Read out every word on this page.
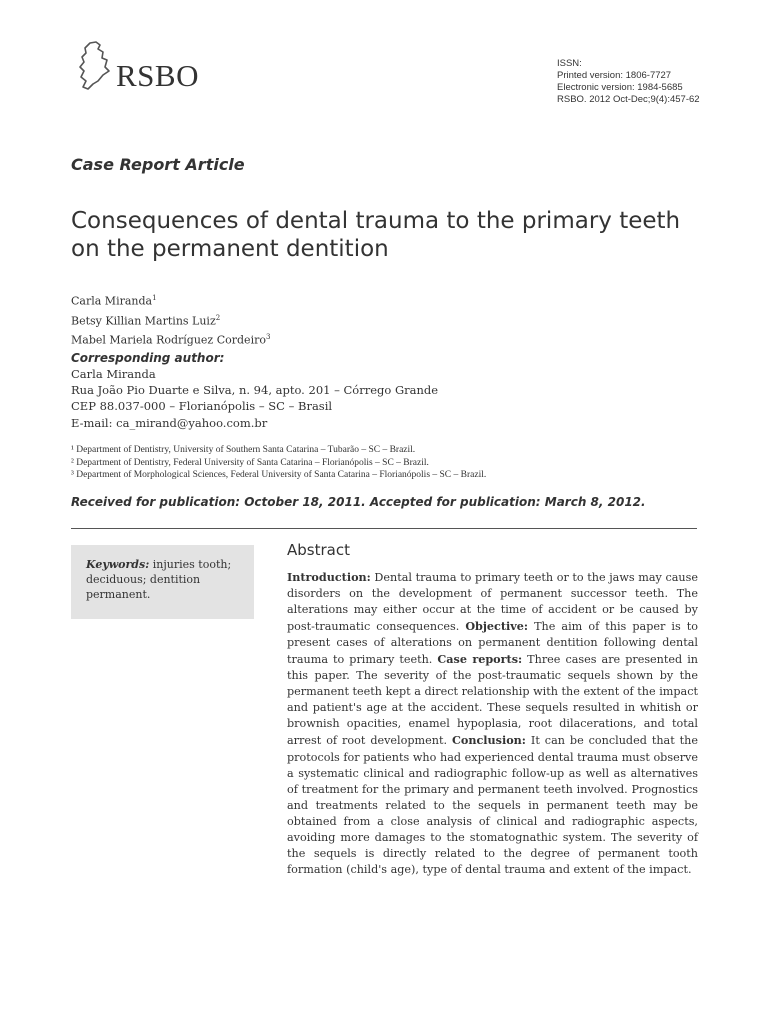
RSBO	ISSN:
Printed version: 1806-7727
Electronic version: 1984-5685
RSBO. 2012 Oct-Dec;9(4):457-62
Case Report Article
Consequences of dental trauma to the primary teeth on the permanent dentition
Carla Miranda$^1$
Betsy Killian Martins Luiz$^2$
Mabel Mariela Rodríguez Cordeiro$^3$
Corresponding author:
Carla Miranda
Rua João Pio Duarte e Silva, n. 94, apto. 201 – Córrego Grande
CEP 88.037-000 – Florianópolis – SC – Brasil
E-mail: ca_mirand@yahoo.com.br
¹ Department of Dentistry, University of Southern Santa Catarina – Tubarão – SC – Brazil.
² Department of Dentistry, Federal University of Santa Catarina – Florianópolis – SC – Brazil.
³ Department of Morphological Sciences, Federal University of Santa Catarina – Florianópolis – SC – Brazil.
Received for publication: October 18, 2011. Accepted for publication: March 8, 2012.
Keywords: injuries tooth; deciduous; dentition permanent.
Abstract
Introduction: Dental trauma to primary teeth or to the jaws may cause disorders on the development of permanent successor teeth. The alterations may either occur at the time of accident or be caused by post-traumatic consequences. Objective: The aim of this paper is to present cases of alterations on permanent dentition following dental trauma to primary teeth. Case reports: Three cases are presented in this paper. The severity of the post-traumatic sequels shown by the permanent teeth kept a direct relationship with the extent of the impact and patient's age at the accident. These sequels resulted in whitish or brownish opacities, enamel hypoplasia, root dilacerations, and total arrest of root development. Conclusion: It can be concluded that the protocols for patients who had experienced dental trauma must observe a systematic clinical and radiographic follow-up as well as alternatives of treatment for the primary and permanent teeth involved. Prognostics and treatments related to the sequels in permanent teeth may be obtained from a close analysis of clinical and radiographic aspects, avoiding more damages to the stomatognathic system. The severity of the sequels is directly related to the degree of permanent tooth formation (child's age), type of dental trauma and extent of the impact.
